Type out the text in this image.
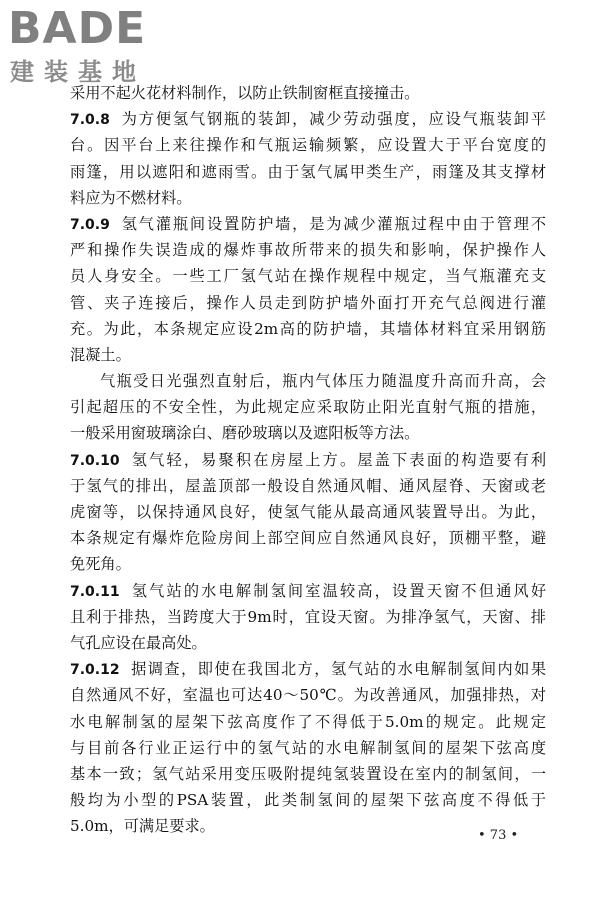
BADE
建装基地
采用不起火花材料制作，以防止铁制窗框直接撞击。
7.0.8 为方便氢气钢瓶的装卸，减少劳动强度，应设气瓶装卸平
台。因平台上来往操作和气瓶运输频繁，应设置大于平台宽度的
雨篷，用以遮阳和遮雨雪。由于氢气属甲类生产，雨篷及其支撑材
料应为不燃材料。
7.0.9 氢气灌瓶间设置防护墙，是为减少灌瓶过程中由于管理不
严和操作失误造成的爆炸事故所带来的损失和影响，保护操作人
员人身安全。一些工厂氢气站在操作规程中规定，当气瓶灌充支
管、夹子连接后，操作人员走到防护墙外面打开充气总阀进行灌
充。为此，本条规定应设2m高的防护墙，其墙体材料宜采用钢筋
混凝土。
气瓶受日光强烈直射后，瓶内气体压力随温度升高而升高，会
引起超压的不安全性，为此规定应采取防止阳光直射气瓶的措施，
一般采用窗玻璃涂白、磨砂玻璃以及遮阳板等方法。
7.0.10 氢气轻，易聚积在房屋上方。屋盖下表面的构造要有利
于氢气的排出，屋盖顶部一般设自然通风帽、通风屋脊、天窗或老
虎窗等，以保持通风良好，使氢气能从最高通风装置导出。为此，
本条规定有爆炸危险房间上部空间应自然通风良好，顶棚平整，避
免死角。
7.0.11 氢气站的水电解制氢间室温较高，设置天窗不但通风好
且利于排热，当跨度大于9m时，宜设天窗。为排净氢气，天窗、排
气孔应设在最高处。
7.0.12 据调查，即使在我国北方，氢气站的水电解制氢间内如果
自然通风不好，室温也可达40～50℃。为改善通风，加强排热，对
水电解制氢的屋架下弦高度作了不得低于5.0m的规定。此规定
与目前各行业正运行中的氢气站的水电解制氢间的屋架下弦高度
基本一致；氢气站采用变压吸附提纯氢装置设在室内的制氢间，一
般均为小型的PSA装置，此类制氢间的屋架下弦高度不得低于
5.0m，可满足要求。
• 73 •
